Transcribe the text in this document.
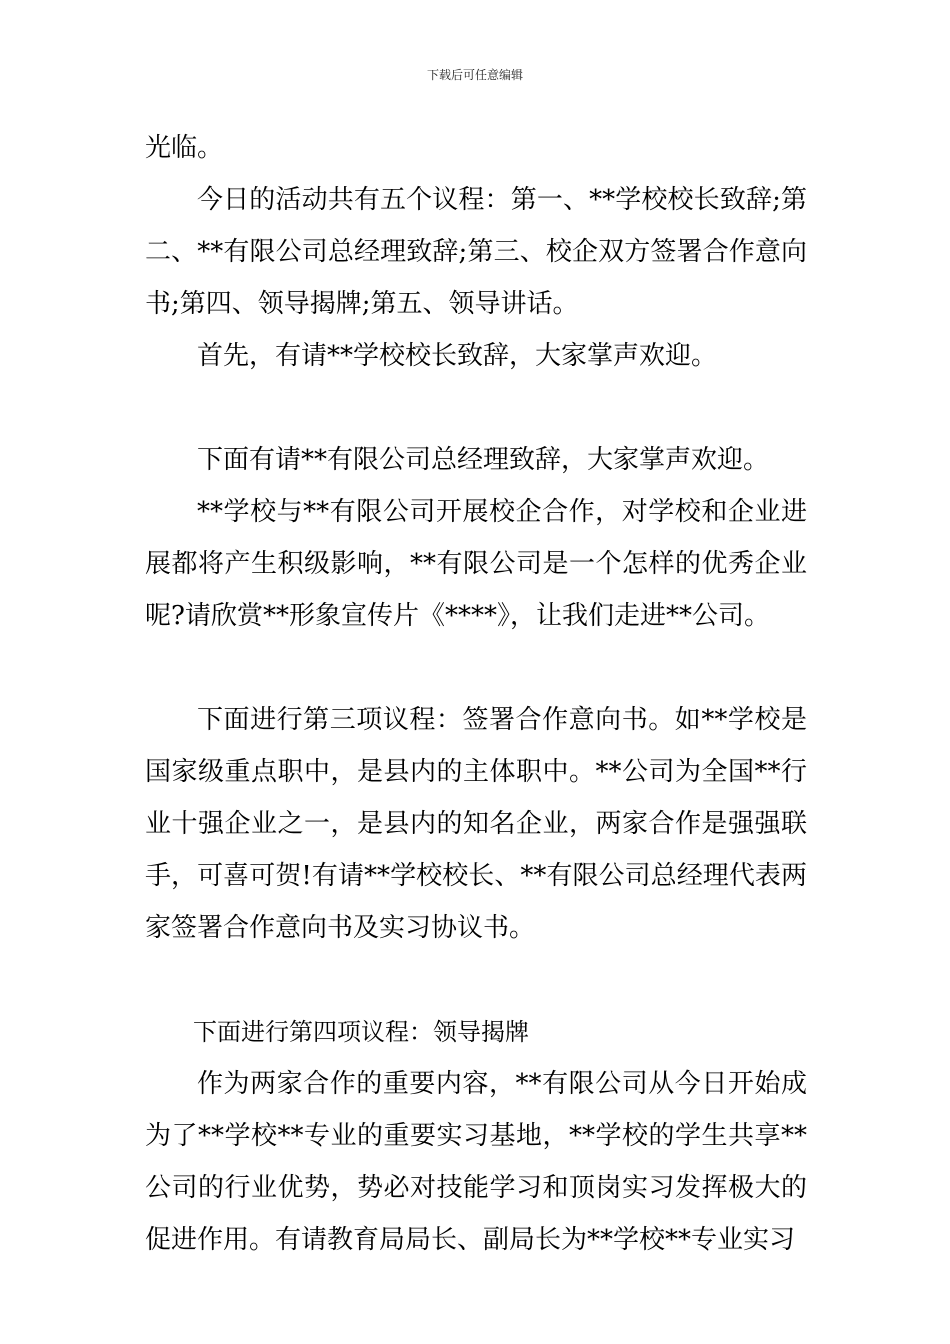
下载后可任意编辑

光临。

今日的活动共有五个议程：第一、**学校校长致辞;第二、**有限公司总经理致辞;第三、校企双方签署合作意向书;第四、领导揭牌;第五、领导讲话。

首先，有请**学校校长致辞，大家掌声欢迎。

下面有请**有限公司总经理致辞，大家掌声欢迎。

**学校与**有限公司开展校企合作，对学校和企业进展都将产生积级影响，**有限公司是一个怎样的优秀企业呢?请欣赏**形象宣传片《****》，让我们走进**公司。

下面进行第三项议程：签署合作意向书。如**学校是国家级重点职中，是县内的主体职中。**公司为全国**行业十强企业之一，是县内的知名企业，两家合作是强强联手，可喜可贺!有请**学校校长、**有限公司总经理代表两家签署合作意向书及实习协议书。

下面进行第四项议程：领导揭牌

作为两家合作的重要内容，**有限公司从今日开始成为了**学校**专业的重要实习基地，**学校的学生共享**公司的行业优势，势必对技能学习和顶岗实习发挥极大的促进作用。有请教育局局长、副局长为**学校**专业实习
